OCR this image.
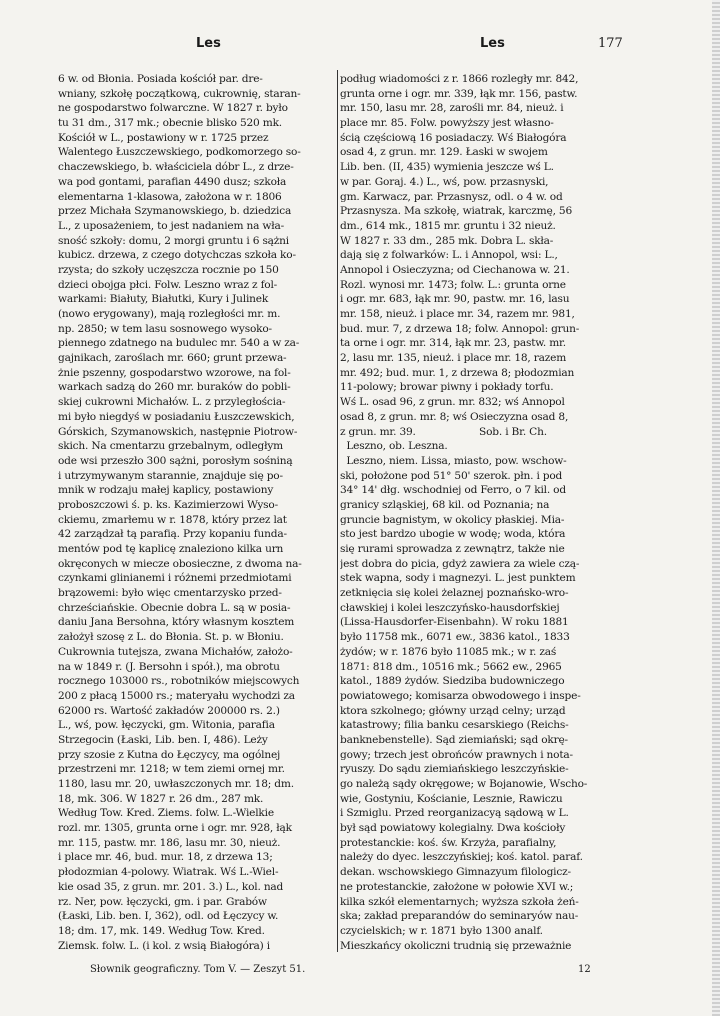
Les	Les	177
6 w. od Błonia. Posiada kościół par. dre-
wniany, szkołę początkową, cukrownię, staran-
ne gospodarstwo folwarczne. W 1827 r. było
tu 31 dm., 317 mk.; obecnie blisko 520 mk.
Kościół w L., postawiony w r. 1725 przez
Walentego Łuszczewskiego, podkomorzego so-
chaczewskiego, b. właściciela dóbr L., z drze-
wa pod gontami, parafian 4490 dusz; szkoła
elementarna 1-klasowa, założona w r. 1806
przez Michała Szymanowskiego, b. dziedzica
L., z uposażeniem, to jest nadaniem na wła-
sność szkoły: domu, 2 morgi gruntu i 6 sążni
kubicz. drzewa, z czego dotychczas szkoła ko-
rzysta; do szkoły uczęszcza rocznie po 150
dzieci obojga płci. Folw. Leszno wraz z fol-
warkami: Białuty, Białutki, Kury i Julinek
(nowo erygowany), mają rozległości mr. m.
np. 2850; w tem lasu sosnowego wysoko-
piennego zdatnego na budulec mr. 540 a w za-
gajnikach, zaroślach mr. 660; grunt przewa-
żnie pszenny, gospodarstwo wzorowe, na fol-
warkach sadzą do 260 mr. buraków do pobli-
skiej cukrowni Michałów. L. z przyległościa-
mi było niegdyś w posiadaniu Łuszczewskich,
Górskich, Szymanowskich, następnie Piotrow-
skich. Na cmentarzu grzebalnym, odległym
ode wsi przeszło 300 sążni, porosłym sośniną
i utrzymywanym starannie, znajduje się po-
mnik w rodzaju małej kaplicy, postawiony
proboszczowi ś. p. ks. Kazimierzowi Wyso-
ckiemu, zmarłemu w r. 1878, który przez lat
42 zarządzał tą parafią. Przy kopaniu funda-
mentów pod tę kaplicę znaleziono kilka urn
okręconych w miecze obosieczne, z dwoma na-
czynkami glinianemi i różnemi przedmiotami
brązowemi: było więc cmentarzysko przed-
chrześciańskie. Obecnie dobra L. są w posia-
daniu Jana Bersohna, który własnym kosztem
założył szosę z L. do Błonia. St. p. w Błoniu.
Cukrownia tutejsza, zwana Michałów, założo-
na w 1849 r. (J. Bersohn i spół.), ma obrotu
rocznego 103000 rs., robotników miejscowych
200 z płacą 15000 rs.; materyału wychodzi za
62000 rs. Wartość zakładów 200000 rs. 2.)
L., wś, pow. łęczycki, gm. Witonia, parafia
Strzegocin (Łaski, Lib. ben. I, 486). Leży
przy szosie z Kutna do Łęczycy, ma ogólnej
przestrzeni mr. 1218; w tem ziemi ornej mr.
1180, lasu mr. 20, uwłaszczonych mr. 18; dm.
18, mk. 306. W 1827 r. 26 dm., 287 mk.
Według Tow. Kred. Ziems. folw. L.-Wielkie
rozl. mr. 1305, grunta orne i ogr. mr. 928, łąk
mr. 115, pastw. mr. 186, lasu mr. 30, nieuż.
i place mr. 46, bud. mur. 18, z drzewa 13;
płodozmian 4-polowy. Wiatrak. Wś L.-Wiel-
kie osad 35, z grun. mr. 201. 3.) L., kol. nad
rz. Ner, pow. łęczycki, gm. i par. Grabów
(Łaski, Lib. ben. I, 362), odl. od Łęczycy w.
18; dm. 17, mk. 149. Według Tow. Kred.
Ziemsk. folw. L. (i kol. z wsią Białogóra) i
podług wiadomości z r. 1866 rozległy mr. 842,
grunta orne i ogr. mr. 339, łąk mr. 156, pastw.
mr. 150, lasu mr. 28, zarośli mr. 84, nieuż. i
place mr. 85. Folw. powyższy jest własno-
ścią częściową 16 posiadaczy. Wś Białogóra
osad 4, z grun. mr. 129. Łaski w swojem
Lib. ben. (II, 435) wymienia jeszcze wś L.
w par. Goraj. 4.) L., wś, pow. przasnyski,
gm. Karwacz, par. Przasnysz, odl. o 4 w. od
Przasnysza. Ma szkołę, wiatrak, karczmę, 56
dm., 614 mk., 1815 mr. gruntu i 32 nieuż.
W 1827 r. 33 dm., 285 mk. Dobra L. skła-
dają się z folwarków: L. i Annopol, wsi: L.,
Annopol i Osieczyzna; od Ciechanowa w. 21.
Rozl. wynosi mr. 1473; folw. L.: grunta orne
i ogr. mr. 683, łąk mr. 90, pastw. mr. 16, lasu
mr. 158, nieuż. i place mr. 34, razem mr. 981,
bud. mur. 7, z drzewa 18; folw. Annopol: grun-
ta orne i ogr. mr. 314, łąk mr. 23, pastw. mr.
2, lasu mr. 135, nieuż. i place mr. 18, razem
mr. 492; bud. mur. 1, z drzewa 8; płodozmian
11-polowy; browar piwny i pokłady torfu.
Wś L. osad 96, z grun. mr. 832; wś Annopol
osad 8, z grun. mr. 8; wś Osieczyzna osad 8,
z grun. mr. 39.                    Sob. i Br. Ch.
Leszno, ob. Leszna.
Leszno, niem. Lissa, miasto, pow. wschow-
ski, położone pod 51° 50' szerok. płn. i pod
34° 14' dłg. wschodniej od Ferro, o 7 kil. od
granicy szląskiej, 68 kil. od Poznania; na
gruncie bagnistym, w okolicy płaskiej. Mia-
sto jest bardzo ubogie w wodę; woda, która
się rurami sprowadza z zewnątrz, także nie
jest dobra do picia, gdyż zawiera za wiele czą-
stek wapna, sody i magnezyi. L. jest punktem
zetknięcia się kolei żelaznej poznańsko-wro-
cławskiej i kolei leszczyńsko-hausdorfskiej
(Lissa-Hausdorfer-Eisenbahn). W roku 1881
było 11758 mk., 6071 ew., 3836 katol., 1833
żydów; w r. 1876 było 11085 mk.; w r. zaś
1871: 818 dm., 10516 mk.; 5662 ew., 2965
katol., 1889 żydów. Siedziba budowniczego
powiatowego; komisarza obwodowego i inspe-
ktora szkolnego; główny urząd celny; urząd
katastrowy; filia banku cesarskiego (Reichs-
banknebenstelle). Sąd ziemiański; sąd okrę-
gowy; trzech jest obrońców prawnych i nota-
ryuszy. Do sądu ziemiańskiego leszczyńskie-
go należą sądy okręgowe; w Bojanowie, Wscho-
wie, Gostyniu, Kościanie, Lesznie, Rawiczu
i Szmiglu. Przed reorganizacyą sądową w L.
był sąd powiatowy kolegialny. Dwa kościoły
protestanckie: koś. św. Krzyża, parafialny,
należy do dyec. leszczyńskiej; koś. katol. paraf.
dekan. wschowskiego Gimnazyum filologicz-
ne protestanckie, założone w połowie XVI w.;
kilka szkół elementarnych; wyższa szkoła żeń-
ska; zakład preparandów do seminaryów nau-
czycielskich; w r. 1871 było 1300 analf.
Mieszkańcy okoliczni trudnią się przeważnie
Słownik geograficzny. Tom V. — Zeszyt 51.	12
